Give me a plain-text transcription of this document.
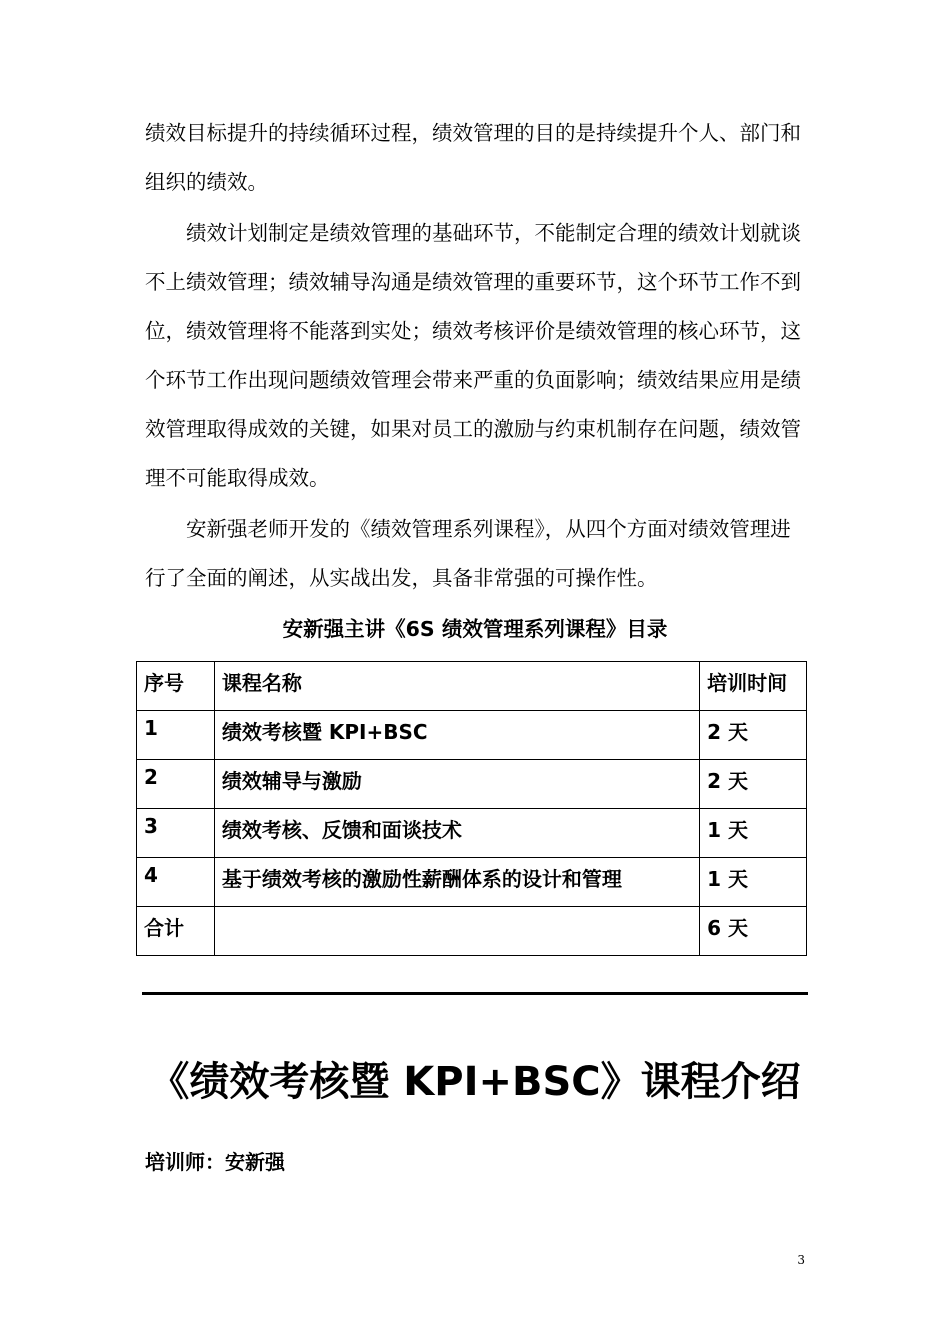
绩效目标提升的持续循环过程，绩效管理的目的是持续提升个人、部门和组织的绩效。

绩效计划制定是绩效管理的基础环节，不能制定合理的绩效计划就谈不上绩效管理；绩效辅导沟通是绩效管理的重要环节，这个环节工作不到位，绩效管理将不能落到实处；绩效考核评价是绩效管理的核心环节，这个环节工作出现问题绩效管理会带来严重的负面影响；绩效结果应用是绩效管理取得成效的关键，如果对员工的激励与约束机制存在问题，绩效管理不可能取得成效。

安新强老师开发的《绩效管理系列课程》，从四个方面对绩效管理进行了全面的阐述，从实战出发，具备非常强的可操作性。

安新强主讲《6S 绩效管理系列课程》目录

序号	课程名称	培训时间
1	绩效考核暨 KPI+BSC	2 天
2	绩效辅导与激励	2 天
3	绩效考核、反馈和面谈技术	1 天
4	基于绩效考核的激励性薪酬体系的设计和管理	1 天
合计		6 天
《绩效考核暨 KPI+BSC》课程介绍

培训师：安新强

3
